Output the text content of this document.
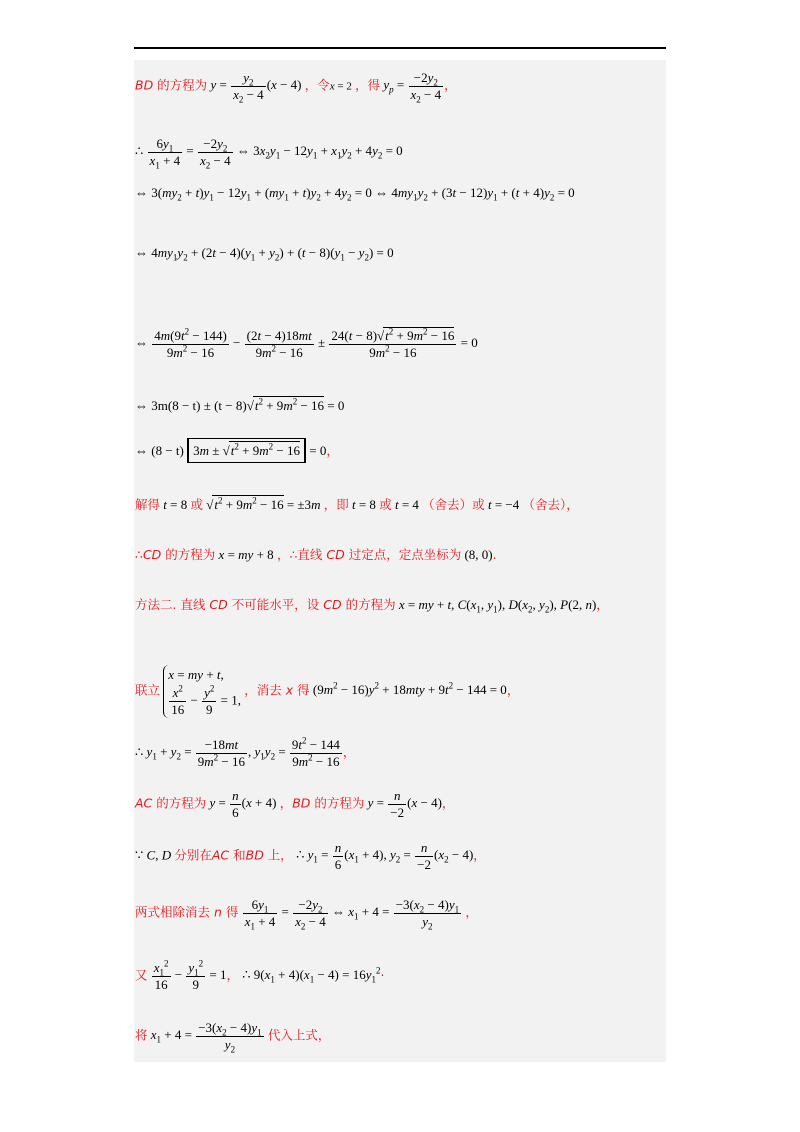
BD 的方程为 $y = \frac{y_2}{x_2 - 4} (x - 4)$ ，令x = 2 ，得 $y_p = \frac{-2y_2}{x_2 - 4}$ ，
∴ $\frac{6y_1}{x_1 + 4} = \frac{-2y_2}{x_2 - 4}$ ⇔ $3x_2y_1 - 12y_1 + x_1y_2 + 4y_2 = 0$
⇔ $3(my_2 + t)y_1 - 12y_1 + (my_1 + t)y_2 + 4y_2 = 0$ ⇔ $4my_1y_2 + (3t - 12)y_1 + (t + 4)y_2 = 0$
⇔ $4my_1y_2 + (2t - 4)(y_1 + y_2) + (t - 8)(y_1 - y_2) = 0$
⇔ $\frac{4m(9t^2 - 144)}{9m^2 - 16} - \frac{(2t - 4)18mt}{9m^2 - 16} \pm \frac{24(t - 8)√t^2 + 9m^2 - 16}{9m^2 - 16} = 0$
⇔ $3m(8 - t) \pm (t - 8)√t^2 + 9m^2 - 16 = 0$
⇔ (8 − t) $3m \pm √t^2 + 9m^2 - 16 = 0$，
解得 t = 8 或 $√t^2 + 9m^2 - 16 = \pm 3m$ ，即 t = 8 或 t = 4 （舍去）或 t = −4 （舍去），
∴CD 的方程为 x = my + 8 ，∴直线 CD 过定点，定点坐标为 (8, 0).
方法二. 直线 CD 不可能水平，设 CD 的方程为 x = my + t, $C(x_1$, $y_1$), $D(x_2$, $y_2$), P(2, n)，
联立
x = my + t,
$\frac{x^2}{16} - \frac{y^2}{9} = 1$,
，消去 x 得 $(9m^2 - 16)y^2 + 18mty + 9t^2 - 144 = 0$，
∴ $y_1 + y_2 = \frac{-18mt}{9m^2 - 16}$ , $y_1y_2 = \frac{9t^2 - 144}{9m^2 - 16}$ ，
AC 的方程为 $y = \frac{n}{6} (x + 4)$ ，BD 的方程为 $y = \frac{n}{-2} (x - 4)$，
∵ C, D 分别在AC 和BD 上， ∴ $y_1 = \frac{n}{6} (x_1 + 4)$, $y_2 = \frac{n}{-2} (x_2 - 4)$，
两式相除消去 n 得 $\frac{6y_1}{x_1 + 4} = \frac{-2y_2}{x_2 - 4}$ ⇔ $x_1 + 4 = \frac{-3(x_2 - 4)y_1}{y_2}$ ，
又 $\frac{x_1^2}{16} - \frac{y_1^2}{9} = 1$， ∴ $9(x_1 + 4)(x_1 - 4) = 16y_1^2\cdot$
将 $x_1 + 4 = \frac{-3(x_2 - 4)y_1}{y_2}$ 代入上式，
